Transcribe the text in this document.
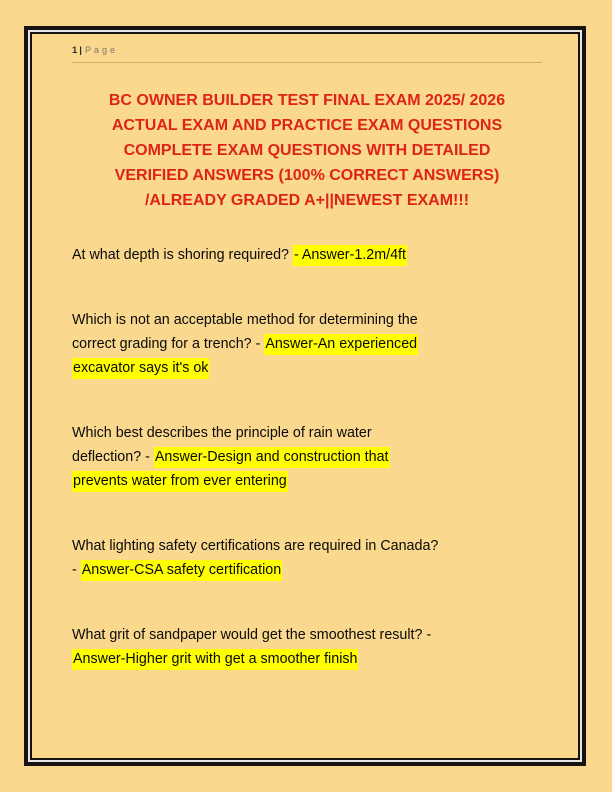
1 | Page
BC OWNER BUILDER TEST FINAL EXAM 2025/ 2026
ACTUAL EXAM AND PRACTICE EXAM QUESTIONS
COMPLETE EXAM QUESTIONS WITH DETAILED
VERIFIED ANSWERS (100% CORRECT ANSWERS)
/ALREADY GRADED A+||NEWEST EXAM!!!
At what depth is shoring required? - Answer-1.2m/4ft
Which is not an acceptable method for determining the
correct grading for a trench? - Answer-An experienced
excavator says it's ok
Which best describes the principle of rain water
deflection? - Answer-Design and construction that
prevents water from ever entering
What lighting safety certifications are required in Canada?
- Answer-CSA safety certification
What grit of sandpaper would get the smoothest result? -
Answer-Higher grit with get a smoother finish
